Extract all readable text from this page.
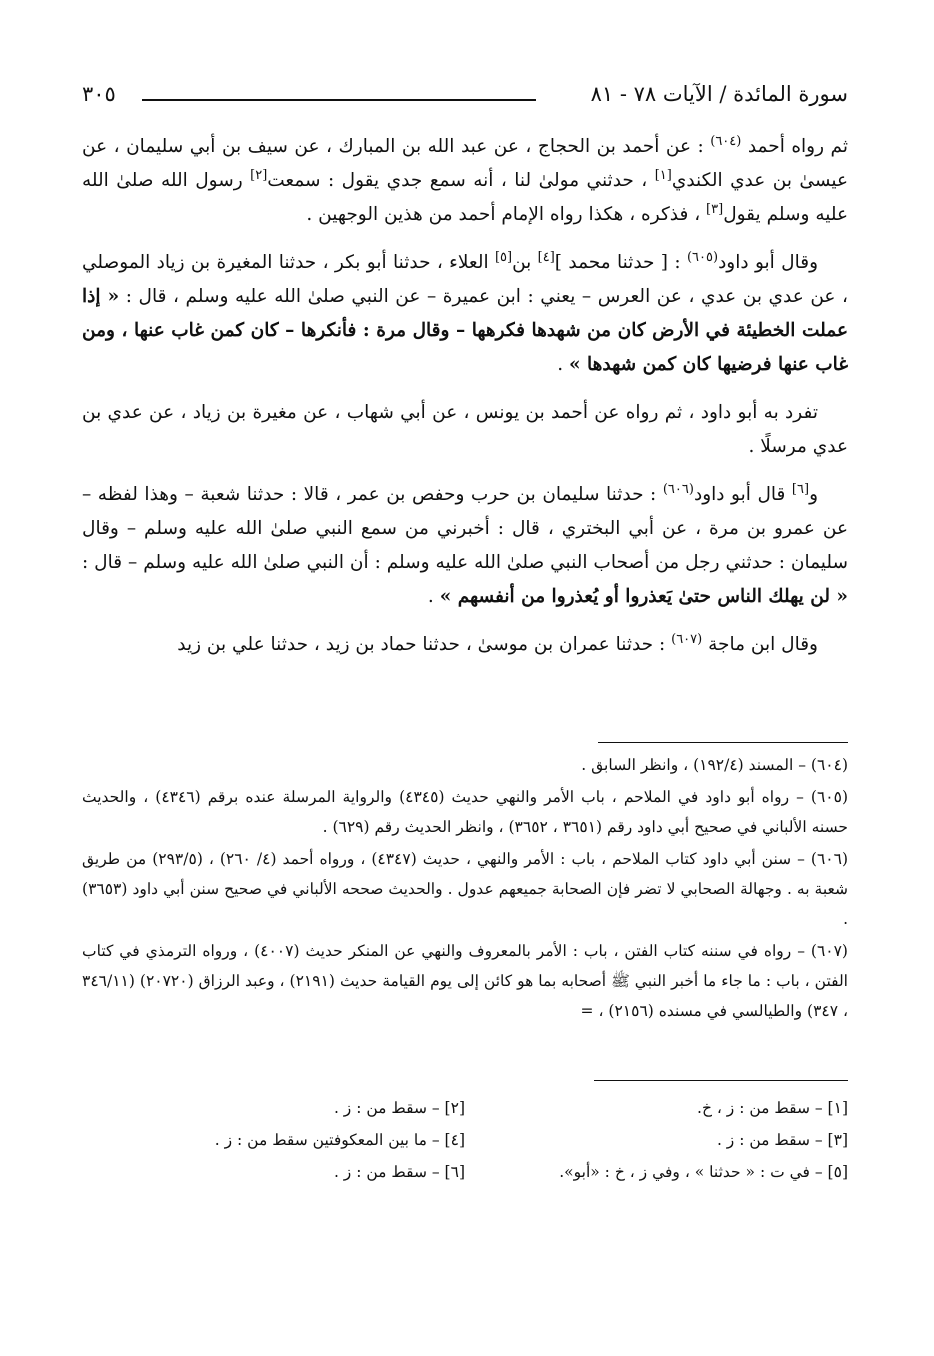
سورة المائدة / الآيات ٧٨ - ٨١
٣٠٥

ثم رواه أحمد $^{(٦٠٤)}$ : عن أحمد بن الحجاج ، عن عبد الله بن المبارك ، عن سيف بن أبي سليمان ، عن عيسىٰ بن عدي الكندي[١] ، حدثني مولىٰ لنا ، أنه سمع جدي يقول : سمعت[٢] رسول الله صلىٰ الله عليه وسلم يقول[٣] ، فذكره ، هكذا رواه الإمام أحمد من هذين الوجهين .

وقال أبو داود$^{(٦٠٥)}$ : [ حدثنا محمد ][٤] بن[٥] العلاء ، حدثنا أبو بكر ، حدثنا المغيرة بن زياد الموصلي ، عن عدي بن عدي ، عن العرس – يعني : ابن عميرة – عن النبي صلىٰ الله عليه وسلم ، قال : « إذا عملت الخطيئة في الأرض كان من شهدها فكرهها – وقال مرة : فأنكرها – كان كمن غاب عنها ، ومن غاب عنها فرضيها كان كمن شهدها » .

تفرد به أبو داود ، ثم رواه عن أحمد بن يونس ، عن أبي شهاب ، عن مغيرة بن زياد ، عن عدي بن عدي مرسلًا .

و[٦] قال أبو داود$^{(٦٠٦)}$ : حدثنا سليمان بن حرب وحفص بن عمر ، قالا : حدثنا شعبة – وهذا لفظه – عن عمرو بن مرة ، عن أبي البختري ، قال : أخبرني من سمع النبي صلىٰ الله عليه وسلم – وقال سليمان : حدثني رجل من أصحاب النبي صلىٰ الله عليه وسلم : أن النبي صلىٰ الله عليه وسلم – قال : « لن يهلك الناس حتىٰ يَعذروا أو يُعذروا من أنفسهم » .

وقال ابن ماجة $^{(٦٠٧)}$ : حدثنا عمران بن موسىٰ ، حدثنا حماد بن زيد ، حدثنا علي بن زيد

(٦٠٤) – المسند (١٩٢/٤) ، وانظر السابق .

(٦٠٥) – رواه أبو داود في الملاحم ، باب الأمر والنهي حديث (٤٣٤٥) والرواية المرسلة عنده برقم (٤٣٤٦) ، والحديث حسنه الألباني في صحيح أبي داود رقم (٣٦٥١ ، ٣٦٥٢) ، وانظر الحديث رقم (٦٢٩) .

(٦٠٦) – سنن أبي داود كتاب الملاحم ، باب : الأمر والنهي ، حديث (٤٣٤٧) ، ورواه أحمد (٤/ ٢٦٠) ، (٢٩٣/٥) من طريق شعبة به . وجهالة الصحابي لا تضر فإن الصحابة جميعهم عدول . والحديث صححه الألباني في صحيح سنن أبي داود (٣٦٥٣) .

(٦٠٧) – رواه في سننه كتاب الفتن ، باب : الأمر بالمعروف والنهي عن المنكر حديث (٤٠٠٧) ، ورواه الترمذي في كتاب الفتن ، باب : ما جاء ما أخبر النبي ﷺ أصحابه بما هو كائن إلى يوم القيامة حديث (٢١٩١) ، وعبد الرزاق (٢٠٧٢٠) (٣٤٦/١١ ، ٣٤٧) والطيالسي في مسنده (٢١٥٦) ، =

[١] – سقط من : ز ، خ.
[٢] – سقط من : ز .
[٣] – سقط من : ز .
[٤] – ما بين المعكوفتين سقط من : ز .
[٥] – في ت : « حدثنا » ، وفي ز ، خ : «أبو».
[٦] – سقط من : ز .
